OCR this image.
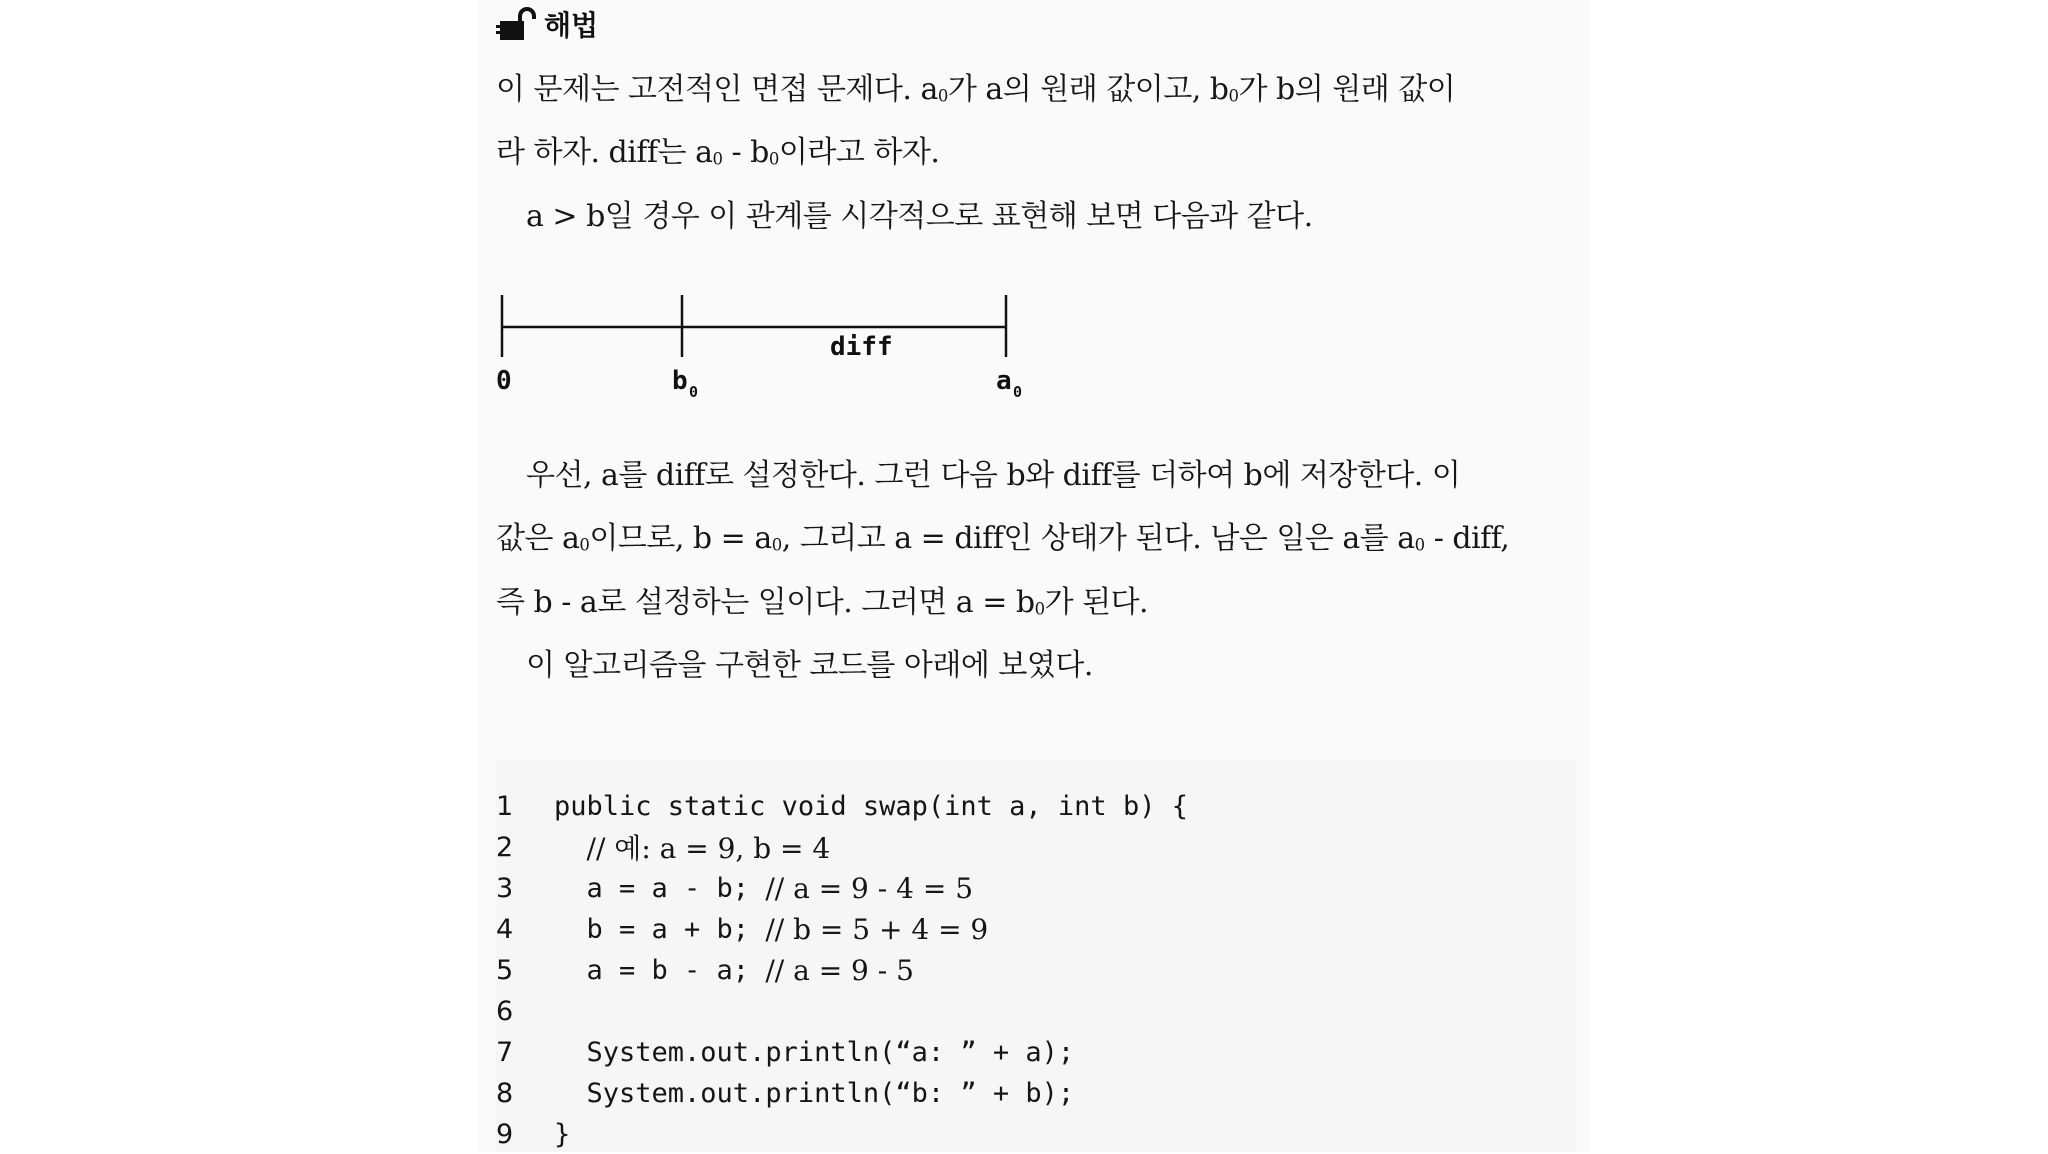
해법
이 문제는 고전적인 면접 문제다. $a_0$가 a의 원래 값이고, $b_0$가 b의 원래 값이
라 하자. diff는 $a_0 - b_0$이라고 하자.
a > b일 경우 이 관계를 시각적으로 표현해 보면 다음과 같다.
diff
0	b 0	a 0
우선, a를 diff로 설정한다. 그런 다음 b와 diff를 더하여 b에 저장한다. 이
값은 $a_0$이므로, $b = a_0$, 그리고 a = diff인 상태가 된다. 남은 일은 a를 $a_0$ - diff,
즉 b - a로 설정하는 일이다. 그러면 $a = b_0$가 된다.
이 알고리즘을 구현한 코드를 아래에 보였다.
1	public static void swap(int a, int b) {
2
	// 예: a = 9, b = 4
3	a = a - b; // a = 9 - 4 = 5
4	b = a + b; // b = 5 + 4 = 9
5	a = b - a; // a = 9 - 5
6
7	System.out.println(“a: ” + a);
8	System.out.println(“b: ” + b);
9	}
